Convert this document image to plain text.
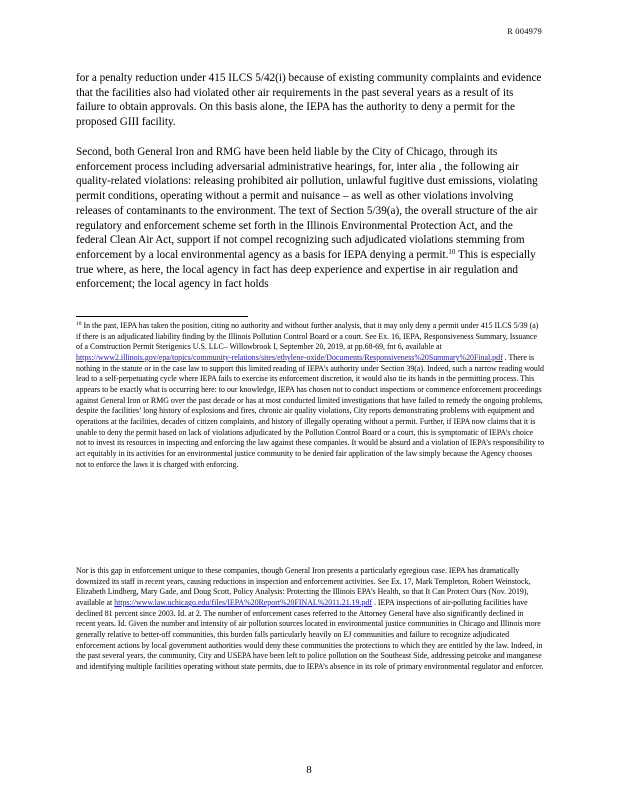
R 004979

for a penalty reduction under 415 ILCS 5/42(i) because of existing community complaints and evidence that the facilities also had violated other air requirements in the past several years as a result of its failure to obtain approvals. On this basis alone, the IEPA has the authority to deny a permit for the proposed GIII facility.

Second, both General Iron and RMG have been held liable by the City of Chicago, through its enforcement process including adversarial administrative hearings, for, inter alia , the following air quality-related violations: releasing prohibited air pollution, unlawful fugitive dust emissions, violating permit conditions, operating without a permit and nuisance – as well as other violations involving releases of contaminants to the environment. The text of Section 5/39(a), the overall structure of the air regulatory and enforcement scheme set forth in the Illinois Environmental Protection Act, and the federal Clean Air Act, support if not compel recognizing such adjudicated violations stemming from enforcement by a local environmental agency as a basis for IEPA denying a permit.$^{10}$ This is especially true where, as here, the local agency in fact has deep experience and expertise in air regulation and enforcement; the local agency in fact holds

$^{10}$ In the past, IEPA has taken the position, citing no authority and without further analysis, that it may only deny a permit under 415 ILCS 5/39 (a) if there is an adjudicated liability finding by the Illinois Pollution Control Board or a court. See Ex. 16, IEPA, Responsiveness Summary, Issuance of a Construction Permit Sterigenics U.S. LLC– Willowbrook I, September 20, 2019, at pp.68-69, fnt 6, available at https://www2.illinois.gov/epa/topics/community-relations/sites/ethylene-oxide/Documents/Responsiveness%20Summary%20Final.pdf . There is nothing in the statute or in the case law to support this limited reading of IEPA’s authority under Section 39(a). Indeed, such a narrow reading would lead to a self-perpetuating cycle where IEPA fails to exercise its enforcement discretion, it would also tie its hands in the permitting process. This appears to be exactly what is occurring here: to our knowledge, IEPA has chosen not to conduct inspections or commence enforcement proceedings against General Iron or RMG over the past decade or has at most conducted limited investigations that have failed to remedy the ongoing problems, despite the facilities’ long history of explosions and fires, chronic air quality violations, City reports demonstrating problems with equipment and operations at the facilities, decades of citizen complaints, and history of illegally operating without a permit. Further, if IEPA now claims that it is unable to deny the permit based on lack of violations adjudicated by the Pollution Control Board or a court, this is symptomatic of IEPA’s choice not to invest its resources in inspecting and enforcing the law against these companies. It would be absurd and a violation of IEPA’s responsibility to act equitably in its activities for an environmental justice community to be denied fair application of the law simply because the Agency chooses not to enforce the laws it is charged with enforcing.

Nor is this gap in enforcement unique to these companies, though General Iron presents a particularly egregious case. IEPA has dramatically downsized its staff in recent years, causing reductions in inspection and enforcement activities. See Ex. 17, Mark Templeton, Robert Weinstock, Elizabeth Lindberg, Mary Gade, and Doug Scott, Policy Analysis: Protecting the Illinois EPA’s Health, so that It Can Protect Ours (Nov. 2019), available at https://www.law.uchicago.edu/files/IEPA%20Report%20FINAL%2011.21.19.pdf . IEPA inspections of air-polluting facilities have declined 81 percent since 2003. Id. at 2. The number of enforcement cases referred to the Attorney General have also significantly declined in recent years. Id. Given the number and intensity of air pollution sources located in environmental justice communities in Chicago and Illinois more generally relative to better-off communities, this burden falls particularly heavily on EJ communities and failure to recognize adjudicated enforcement actions by local government authorities would deny these communities the protections to which they are entitled by the law. Indeed, in the past several years, the community, City and USEPA have been left to police pollution on the Southeast Side, addressing petcoke and manganese and identifying multiple facilities operating without state permits, due to IEPA’s absence in its role of primary environmental regulator and enforcer.

8
